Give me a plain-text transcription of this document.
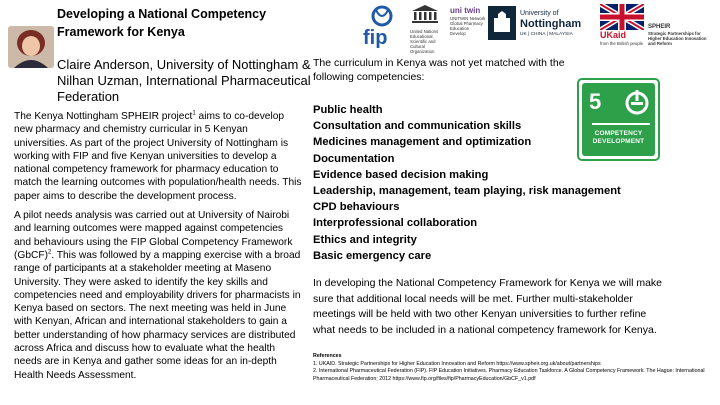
Developing a National Competency Framework for Kenya
Claire Anderson, University of Nottingham & Nilhan Uzman, International Pharmaceutical Federation
fip	United Nations Educational, Scientific and Cultural Organization
uni twin
UNITWIN Network Global Pharmacy Education Develop
University of
Nottingham
UK | CHINA | MALAYSIA	UKaid
from the British people
SPHEIR
Strategic Partnerships for Higher Education Innovation and Reform

The Kenya Nottingham SPHEIR project$^1$ aims to co-develop new pharmacy and chemistry curricular in 5 Kenyan universities. As part of the project University of Nottingham is working with FIP and five Kenyan universities to develop a national competency framework for pharmacy education to match the learning outcomes with population/health needs. This paper aims to describe the development process.

A pilot needs analysis was carried out at University of Nairobi and learning outcomes were mapped against competencies and behaviours using the FIP Global Competency Framework (GbCF)$^2$. This was followed by a mapping exercise with a broad range of participants at a stakeholder meeting at Maseno University. They were asked to identify the key skills and competencies need and employability drivers for pharmacists in Kenya based on sectors. The next meeting was held in June with Kenyan, African and international stakeholders to gain a better understanding of how pharmacy services are distributed across Africa and discuss how to evaluate what the health needs are in Kenya and gather some ideas for an in-depth Health Needs Assessment.

The curriculum in Kenya was not yet matched with the following competencies:
Public health
Consultation and communication skills
Medicines management and optimization
Documentation
Evidence based decision making
Leadership, management, team playing, risk management
CPD behaviours
Interprofessional collaboration
Ethics and integrity
Basic emergency care
5
COMPETENCY DEVELOPMENT
In developing the National Competency Framework for Kenya we will make sure that additional local needs will be met. Further multi-stakeholder meetings will be held with two other Kenyan universities to further refine what needs to be included in a national competency framework for Kenya.
References
1. UKAID. Strategic Partnerships for Higher Education Innovation and Reform https://www.spheir.org.uk/about/partnerships
2. International Pharmaceutical Federation (FIP). FIP Education Initiatives. Pharmacy Education Taskforce. A Global Competency Framework. The Hague: International Pharmaceutical Federation; 2012 https://www.fip.org/files/fip/PharmacyEducation/GbCF_v1.pdf
